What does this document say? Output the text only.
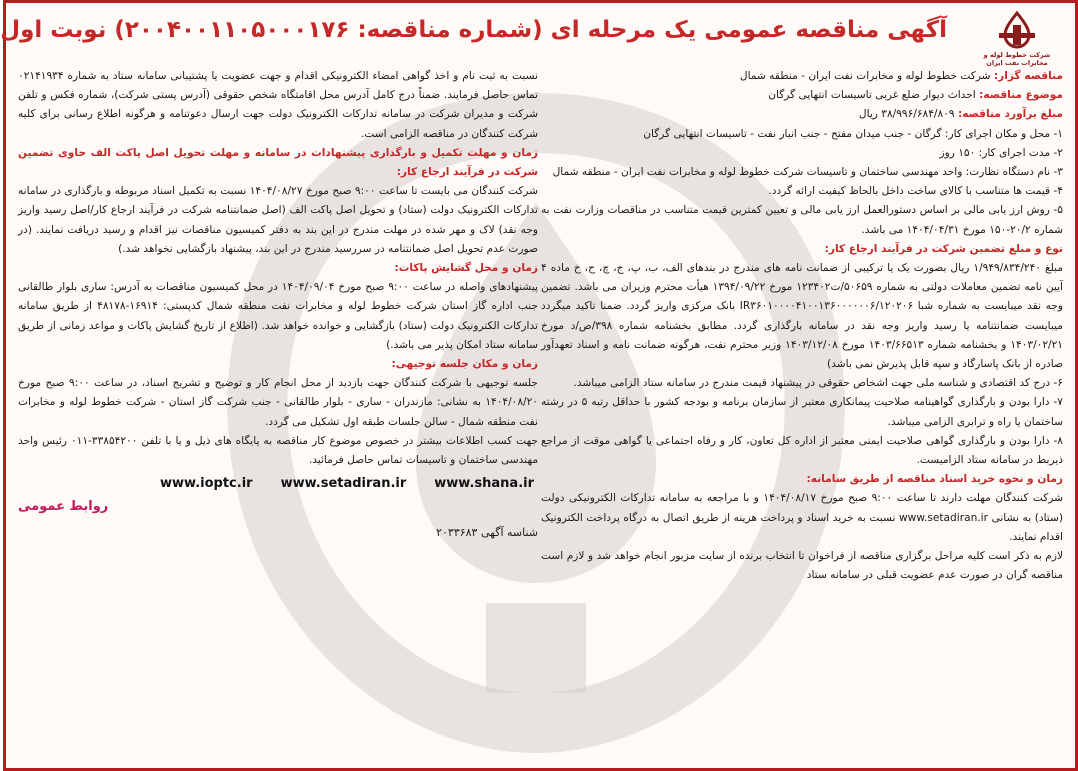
آگهی مناقصه عمومی یک مرحله ای (شماره مناقصه: ۲۰۰۴۰۰۱۱۰۵۰۰۰۱۷۶) نوبت اول
شرکت خطوط لوله و مخابرات نفت ایران
مناقصه گزار: شرکت خطوط لوله و مخابرات نفت ایران - منطقه شمال
موضوع مناقصه: احداث دیوار ضلع غربی تاسیسات انتهایی گرگان
مبلغ برآورد مناقصه: ۳۸/۹۹۶/۶۸۴/۸۰۹ ریال
۱- محل و مکان اجرای کار: گرگان - جنب میدان مفتح - جنب انبار نفت - تاسیسات انتهایی گرگان
۲- مدت اجرای کار: ۱۵۰ روز
۳- نام دستگاه نظارت: واحد مهندسی ساختمان و تاسیسات شرکت خطوط لوله و مخابرات نفت ایران - منطقه شمال
۴- قیمت ها متناسب با کالای ساخت داخل بالحاظ کیفیت ارائه گردد.
۵- روش ارز یابی مالی بر اساس دستورالعمل ارز یابی مالی و تعیین کمترین قیمت متناسب در مناقصات وزارت نفت به شماره ۲۰/۲-۱۵۰ مورخ ۱۴۰۴/۰۴/۳۱ می باشد.
نوع و مبلغ تضمین شرکت در فرآیند ارجاع کار:
مبلغ ۱/۹۴۹/۸۳۴/۲۴۰ ریال بصورت یک یا ترکیبی از ضمانت نامه های مندرج در بندهای الف، ب، پ، ج، چ، ح، خ ماده ۴ آیین نامه تضمین معاملات دولتی به شماره ۵۰۶۵۹/ت۱۲۳۴۰۲ مورخ ۱۳۹۴/۰۹/۲۲ هیأت محترم وزیران می باشد. تضمین وجه نقد میبایست به شماره شبا IR۳۶۰۱۰۰۰۰۴۱۰۰۱۳۶۰۰۰۰۰۰۶/۱۲۰۲۰۶ بانک مرکزی واریز گردد. ضمنا تاکید میگردد میبایست ضمانتنامه یا رسید واریز وجه نقد در سامانه بارگذاری گردد. مطابق بخشنامه شماره ۳۹۸/ص/د مورخ ۱۴۰۳/۰۲/۲۱ و بخشنامه شماره ۱۴۰۳/۶۶۵۱۳ مورخ ۱۴۰۳/۱۲/۰۸ وزیر محترم نفت، هرگونه ضمانت نامه و اسناد تعهدآور صادره از بانک پاسارگاد و سپه قابل پذیرش نمی باشد)
۶- درج کد اقتصادی و شناسه ملی جهت اشخاص حقوقی در پیشنهاد قیمت مندرج در سامانه ستاد الزامی میباشد.
۷- دارا بودن و بارگذاری گواهینامه صلاحیت پیمانکاری معتبر از سازمان برنامه و بودجه کشور با حداقل رتبه ۵ در رشته ساختمان یا راه و ترابری الزامی میباشد.
۸- دارا بودن و بارگذاری گواهی صلاحیت ایمنی معتبر از اداره کل تعاون، کار و رفاه اجتماعی یا گواهی موقت از مراجع ذیربط در سامانه ستاد الزامیست.
زمان و نحوه خرید اسناد مناقصه از طریق سامانه:
شرکت کنندگان مهلت دارند تا ساعت ۹:۰۰ صبح مورخ ۱۴۰۴/۰۸/۱۷ و با مراجعه به سامانه تدارکات الکترونیکی دولت (ستاد) به نشانی www.setadiran.ir نسبت به خرید اسناد و پرداخت هزینه از طریق اتصال به درگاه پرداخت الکترونیک اقدام نمایند.
لازم به ذکر است کلیه مراحل برگزاری مناقصه از فراخوان تا انتخاب برنده از سایت مزبور انجام خواهد شد و لازم است مناقصه گران در صورت عدم عضویت قبلی در سامانه ستاد
نسبت به ثبت نام و اخذ گواهی امضاء الکترونیکی اقدام و جهت عضویت یا پشتیبانی سامانه ستاد به شماره ۰۲۱۴۱۹۳۴ تماس حاصل فرمایند. ضمناً درج کامل آدرس محل اقامتگاه شخص حقوقی (آدرس پستی شرکت)، شماره فکس و تلفن شرکت و مدیران شرکت در سامانه تدارکات الکترونیک دولت جهت ارسال دعوتنامه و هرگونه اطلاع رسانی برای کلیه شرکت کنندگان در مناقصه الزامی است.
زمان و مهلت تکمیل و بارگذاری پیشنهادات در سامانه و مهلت تحویل اصل پاکت الف حاوی تضمین شرکت در فرآیند ارجاع کار:
شرکت کنندگان می بایست تا ساعت ۹:۰۰ صبح مورخ ۱۴۰۴/۰۸/۲۷ نسبت به تکمیل اسناد مربوطه و بارگذاری در سامانه تدارکات الکترونیک دولت (ستاد) و تحویل اصل پاکت الف (اصل ضمانتنامه شرکت در فرآیند ارجاع کار/اصل رسید واریز وجه نقد) لاک و مهر شده در مهلت مندرج در این بند به دفتر کمیسیون مناقصات نیز اقدام و رسید دریافت نمایند. (در صورت عدم تحویل اصل ضمانتنامه در سررسید مندرج در این بند، پیشنهاد بازگشایی نخواهد شد.)
زمان و محل گشایش پاکات:
پیشنهادهای واصله در ساعت ۹:۰۰ صبح مورخ ۱۴۰۴/۰۹/۰۴ در محل کمیسیون مناقصات به آدرس: ساری بلوار طالقانی جنب اداره گاز استان شرکت خطوط لوله و مخابرات نفت منطقه شمال کدپستی: ۱۶۹۱۴-۴۸۱۷۸ از طریق سامانه تدارکات الکترونیک دولت (ستاد) بازگشایی و خوانده خواهد شد. (اطلاع از تاریخ گشایش پاکات و مواعد زمانی از طریق سامانه ستاد امکان پذیر می باشد.)
زمان و مکان جلسه توجیهی:
جلسه توجیهی با شرکت کنندگان جهت بازدید از محل انجام کار و توضیح و تشریح اسناد، در ساعت ۹:۰۰ صبح مورخ ۱۴۰۴/۰۸/۲۰ به نشانی: مازندران - ساری - بلوار طالقانی - جنب شرکت گاز استان - شرکت خطوط لوله و مخابرات نفت منطقه شمال - سالن جلسات طبقه اول تشکیل می گردد.
جهت کسب اطلاعات بیشتر در خصوص موضوع کار مناقصه به پایگاه های ذیل و یا با تلفن ۳۳۸۵۴۲۰۰-۰۱۱ رئیس واحد مهندسی ساختمان و تاسیسات تماس حاصل فرمائید.
www.shana.ir
www.setadiran.ir
www.ioptc.ir
روابط عمومی
شناسه آگهی ۲۰۳۳۶۸۳
